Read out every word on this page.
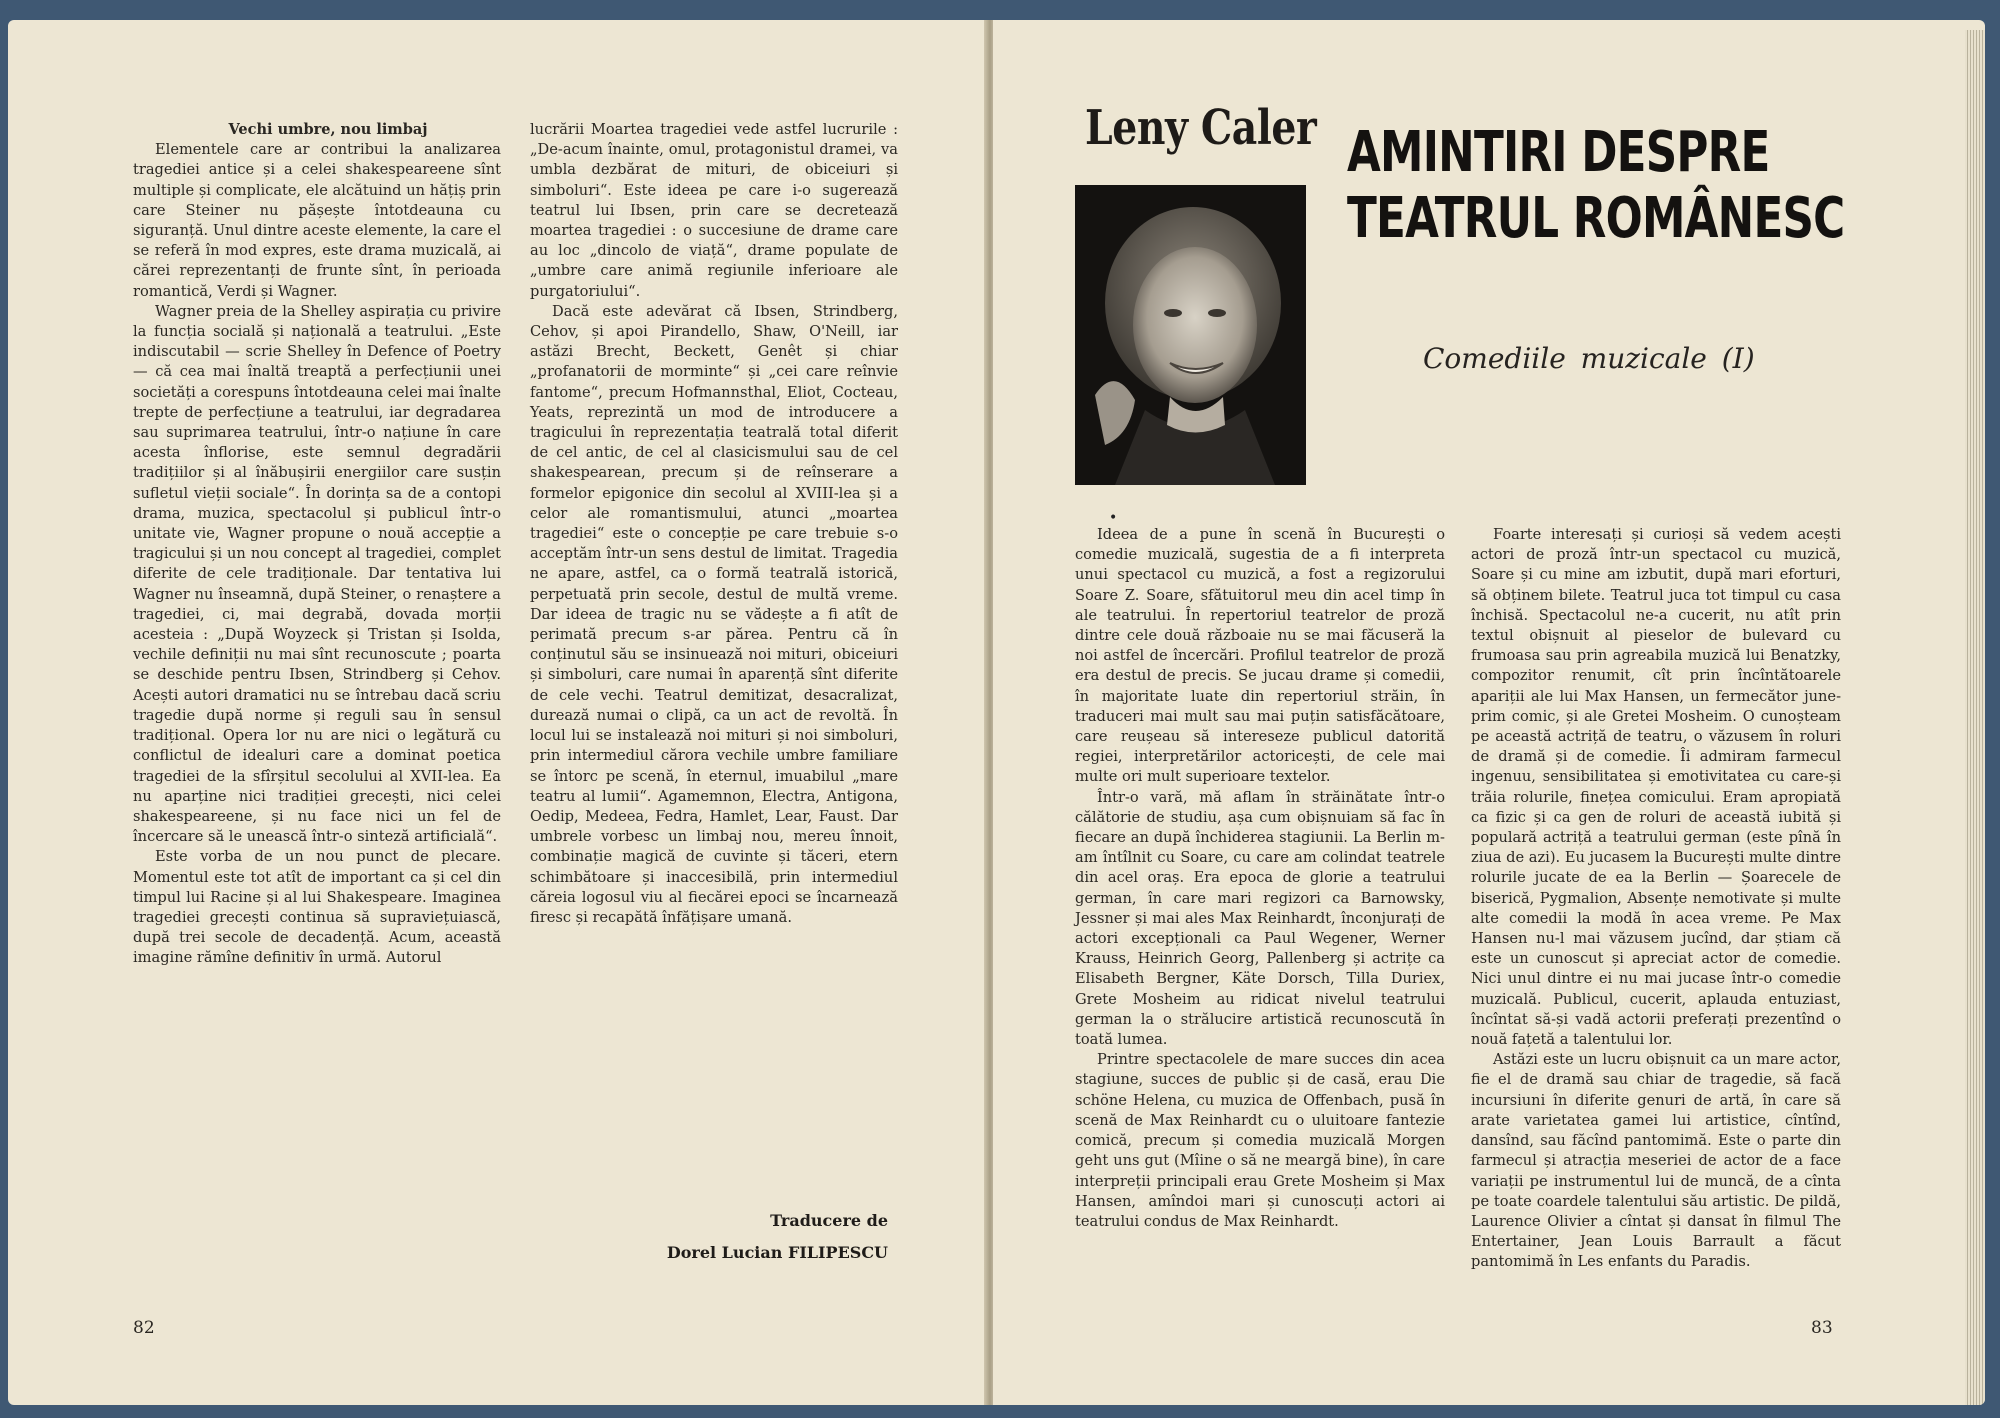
Vechi umbre, nou limbaj

Elementele care ar contribui la analizarea tragediei antice și a celei shakespeareene sînt multiple și complicate, ele alcătuind un hățiș prin care Steiner nu pășește întotdeauna cu siguranță. Unul dintre aceste elemente, la care el se referă în mod expres, este drama muzicală, ai cărei reprezentanți de frunte sînt, în perioada romantică, Verdi și Wagner.

Wagner preia de la Shelley aspirația cu privire la funcția socială și națională a teatrului. „Este indiscutabil — scrie Shelley în Defence of Poetry — că cea mai înaltă treaptă a perfecțiunii unei societăți a corespuns întotdeauna celei mai înalte trepte de perfecțiune a teatrului, iar degradarea sau suprimarea teatrului, într-o națiune în care acesta înflorise, este semnul degradării tradițiilor și al înăbușirii energiilor care susțin sufletul vieții sociale“. În dorința sa de a contopi drama, muzica, spectacolul și publicul într-o unitate vie, Wagner propune o nouă accepție a tragicului și un nou concept al tragediei, complet diferite de cele tradiționale. Dar tentativa lui Wagner nu înseamnă, după Steiner, o renaștere a tragediei, ci, mai degrabă, dovada morții acesteia : „După Woyzeck și Tristan și Isolda, vechile definiții nu mai sînt recunoscute ; poarta se deschide pentru Ibsen, Strindberg și Cehov. Acești autori dramatici nu se întrebau dacă scriu tragedie după norme și reguli sau în sensul tradițional. Opera lor nu are nici o legătură cu conflictul de idealuri care a dominat poetica tragediei de la sfîrșitul secolului al XVII-lea. Ea nu aparține nici tradiției grecești, nici celei shakespeareene, și nu face nici un fel de încercare să le unească într-o sinteză artificială“.

Este vorba de un nou punct de plecare. Momentul este tot atît de important ca și cel din timpul lui Racine și al lui Shakespeare. Imaginea tragediei grecești continua să supraviețuiască, după trei secole de decadență. Acum, această imagine rămîne definitiv în urmă. Autorul

lucrării Moartea tragediei vede astfel lucrurile : „De-acum înainte, omul, protagonistul dramei, va umbla dezbărat de mituri, de obiceiuri și simboluri“. Este ideea pe care i-o sugerează teatrul lui Ibsen, prin care se decretează moartea tragediei : o succesiune de drame care au loc „dincolo de viață“, drame populate de „umbre care animă regiunile inferioare ale purgatoriului“.

Dacă este adevărat că Ibsen, Strindberg, Cehov, și apoi Pirandello, Shaw, O'Neill, iar astăzi Brecht, Beckett, Genêt și chiar „profanatorii de morminte“ și „cei care reînvie fantome“, precum Hofmannsthal, Eliot, Cocteau, Yeats, reprezintă un mod de introducere a tragicului în reprezentația teatrală total diferit de cel antic, de cel al clasicismului sau de cel shakespearean, precum și de reînserare a formelor epigonice din secolul al XVIII-lea și a celor ale romantismului, atunci „moartea tragediei“ este o concepție pe care trebuie s-o acceptăm într-un sens destul de limitat. Tragedia ne apare, astfel, ca o formă teatrală istorică, perpetuată prin secole, destul de multă vreme. Dar ideea de tragic nu se vădește a fi atît de perimată precum s-ar părea. Pentru că în conținutul său se insinuează noi mituri, obiceiuri și simboluri, care numai în aparență sînt diferite de cele vechi. Teatrul demitizat, desacralizat, durează numai o clipă, ca un act de revoltă. În locul lui se instalează noi mituri și noi simboluri, prin intermediul cărora vechile umbre familiare se întorc pe scenă, în eternul, imuabilul „mare teatru al lumii“. Agamemnon, Electra, Antigona, Oedip, Medeea, Fedra, Hamlet, Lear, Faust. Dar umbrele vorbesc un limbaj nou, mereu înnoit, combinație magică de cuvinte și tăceri, etern schimbătoare și inaccesibilă, prin intermediul căreia logosul viu al fiecărei epoci se încarnează firesc și recapătă înfățișare umană.

Traducere de
Dorel Lucian FILIPESCU
82
Leny Caler AMINTIRI DESPRE
TEATRUL ROMÂNESC
Comediile muzicale (I)
•

Ideea de a pune în scenă în București o comedie muzicală, sugestia de a fi interpreta unui spectacol cu muzică, a fost a regizorului Soare Z. Soare, sfătuitorul meu din acel timp în ale teatrului. În repertoriul teatrelor de proză dintre cele două războaie nu se mai făcuseră la noi astfel de încercări. Profilul teatrelor de proză era destul de precis. Se jucau drame și comedii, în majoritate luate din repertoriul străin, în traduceri mai mult sau mai puțin satisfăcătoare, care reușeau să intereseze publicul datorită regiei, interpretărilor actoricești, de cele mai multe ori mult superioare textelor.

Într-o vară, mă aflam în străinătate într-o călătorie de studiu, așa cum obișnuiam să fac în fiecare an după închiderea stagiunii. La Berlin m-am întîlnit cu Soare, cu care am colindat teatrele din acel oraș. Era epoca de glorie a teatrului german, în care mari regizori ca Barnowsky, Jessner și mai ales Max Reinhardt, înconjurați de actori excepționali ca Paul Wegener, Werner Krauss, Heinrich Georg, Pallenberg și actrițe ca Elisabeth Bergner, Käte Dorsch, Tilla Duriex, Grete Mosheim au ridicat nivelul teatrului german la o strălucire artistică recunoscută în toată lumea.

Printre spectacolele de mare succes din acea stagiune, succes de public și de casă, erau Die schöne Helena, cu muzica de Offenbach, pusă în scenă de Max Reinhardt cu o uluitoare fantezie comică, precum și comedia muzicală Morgen geht uns gut (Mîine o să ne meargă bine), în care interpreții principali erau Grete Mosheim și Max Hansen, amîndoi mari și cunoscuți actori ai teatrului condus de Max Reinhardt.

Foarte interesați și curioși să vedem acești actori de proză într-un spectacol cu muzică, Soare și cu mine am izbutit, după mari eforturi, să obținem bilete. Teatrul juca tot timpul cu casa închisă. Spectacolul ne-a cucerit, nu atît prin textul obișnuit al pieselor de bulevard cu frumoasa sau prin agreabila muzică lui Benatzky, compozitor renumit, cît prin încîntătoarele apariții ale lui Max Hansen, un fermecător june-prim comic, și ale Gretei Mosheim. O cunoșteam pe această actriță de teatru, o văzusem în roluri de dramă și de comedie. Îi admiram farmecul ingenuu, sensibilitatea și emotivitatea cu care-și trăia rolurile, finețea comicului. Eram apropiată ca fizic și ca gen de roluri de această iubită și populară actriță a teatrului german (este pînă în ziua de azi). Eu jucasem la București multe dintre rolurile jucate de ea la Berlin — Șoarecele de biserică, Pygmalion, Absențe nemotivate și multe alte comedii la modă în acea vreme. Pe Max Hansen nu-l mai văzusem jucînd, dar știam că este un cunoscut și apreciat actor de comedie. Nici unul dintre ei nu mai jucase într-o comedie muzicală. Publicul, cucerit, aplauda entuziast, încîntat să-și vadă actorii preferați prezentînd o nouă fațetă a talentului lor.

Astăzi este un lucru obișnuit ca un mare actor, fie el de dramă sau chiar de tragedie, să facă incursiuni în diferite genuri de artă, în care să arate varietatea gamei lui artistice, cîntînd, dansînd, sau făcînd pantomimă. Este o parte din farmecul și atracția meseriei de actor de a face variații pe instrumentul lui de muncă, de a cînta pe toate coardele talentului său artistic. De pildă, Laurence Olivier a cîntat și dansat în filmul The Entertainer, Jean Louis Barrault a făcut pantomimă în Les enfants du Paradis.

83
